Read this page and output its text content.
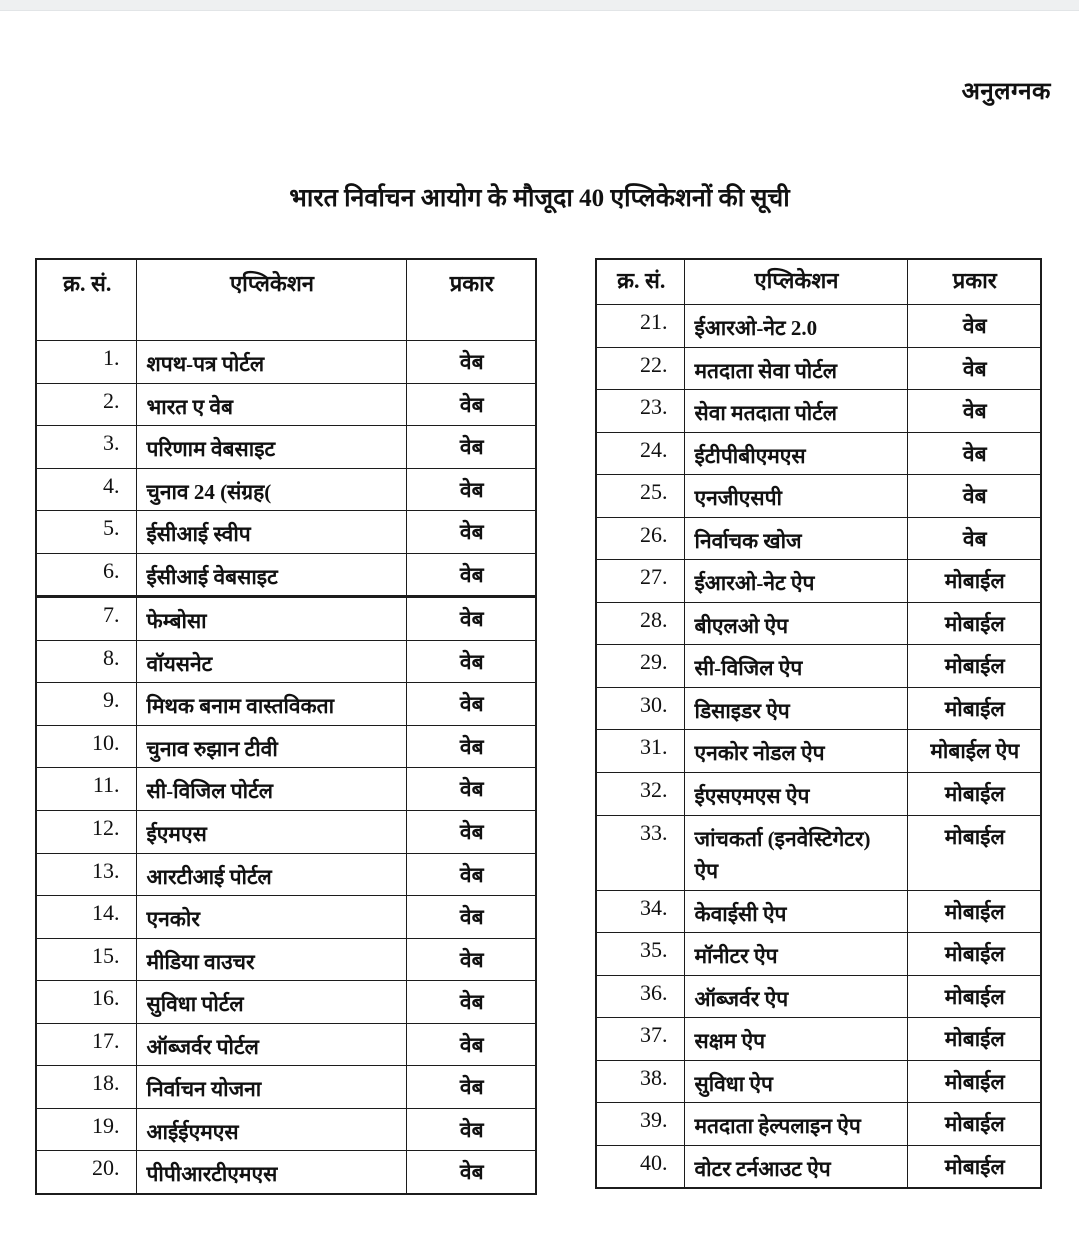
अनुलग्नक
भारत निर्वाचन आयोग के मौजूदा 40 एप्लिकेशनों की सूची
क्र. सं.	एप्लिकेशन	प्रकार
1.	शपथ-पत्र पोर्टल	वेब
2.	भारत ए वेब	वेब
3.	परिणाम वेबसाइट	वेब
4.	चुनाव 24 (संग्रह(	वेब
5.	ईसीआई स्वीप	वेब
6.	ईसीआई वेबसाइट	वेब
7.	फेम्बोसा	वेब
8.	वॉयसनेट	वेब
9.	मिथक बनाम वास्तविकता	वेब
10.	चुनाव रुझान टीवी	वेब
11.	सी-विजिल पोर्टल	वेब
12.	ईएमएस	वेब
13.	आरटीआई पोर्टल	वेब
14.	एनकोर	वेब
15.	मीडिया वाउचर	वेब
16.	सुविधा पोर्टल	वेब
17.	ऑब्जर्वर पोर्टल	वेब
18.	निर्वाचन योजना	वेब
19.	आईईएमएस	वेब
20.	पीपीआरटीएमएस	वेब
क्र. सं.	एप्लिकेशन	प्रकार
21.	ईआरओ-नेट 2.0	वेब
22.	मतदाता सेवा पोर्टल	वेब
23.	सेवा मतदाता पोर्टल	वेब
24.	ईटीपीबीएमएस	वेब
25.	एनजीएसपी	वेब
26.	निर्वाचक खोज	वेब
27.	ईआरओ-नेट ऐप	मोबाईल
28.	बीएलओ ऐप	मोबाईल
29.	सी-विजिल ऐप	मोबाईल
30.	डिसाइडर ऐप	मोबाईल
31.	एनकोर नोडल ऐप	मोबाईल ऐप
32.	ईएसएमएस ऐप	मोबाईल
33.	जांचकर्ता (इनवेस्टिगेटर) ऐप	मोबाईल
34.	केवाईसी ऐप	मोबाईल
35.	मॉनीटर ऐप	मोबाईल
36.	ऑब्जर्वर ऐप	मोबाईल
37.	सक्षम ऐप	मोबाईल
38.	सुविधा ऐप	मोबाईल
39.	मतदाता हेल्पलाइन ऐप	मोबाईल
40.	वोटर टर्नआउट ऐप	मोबाईल
